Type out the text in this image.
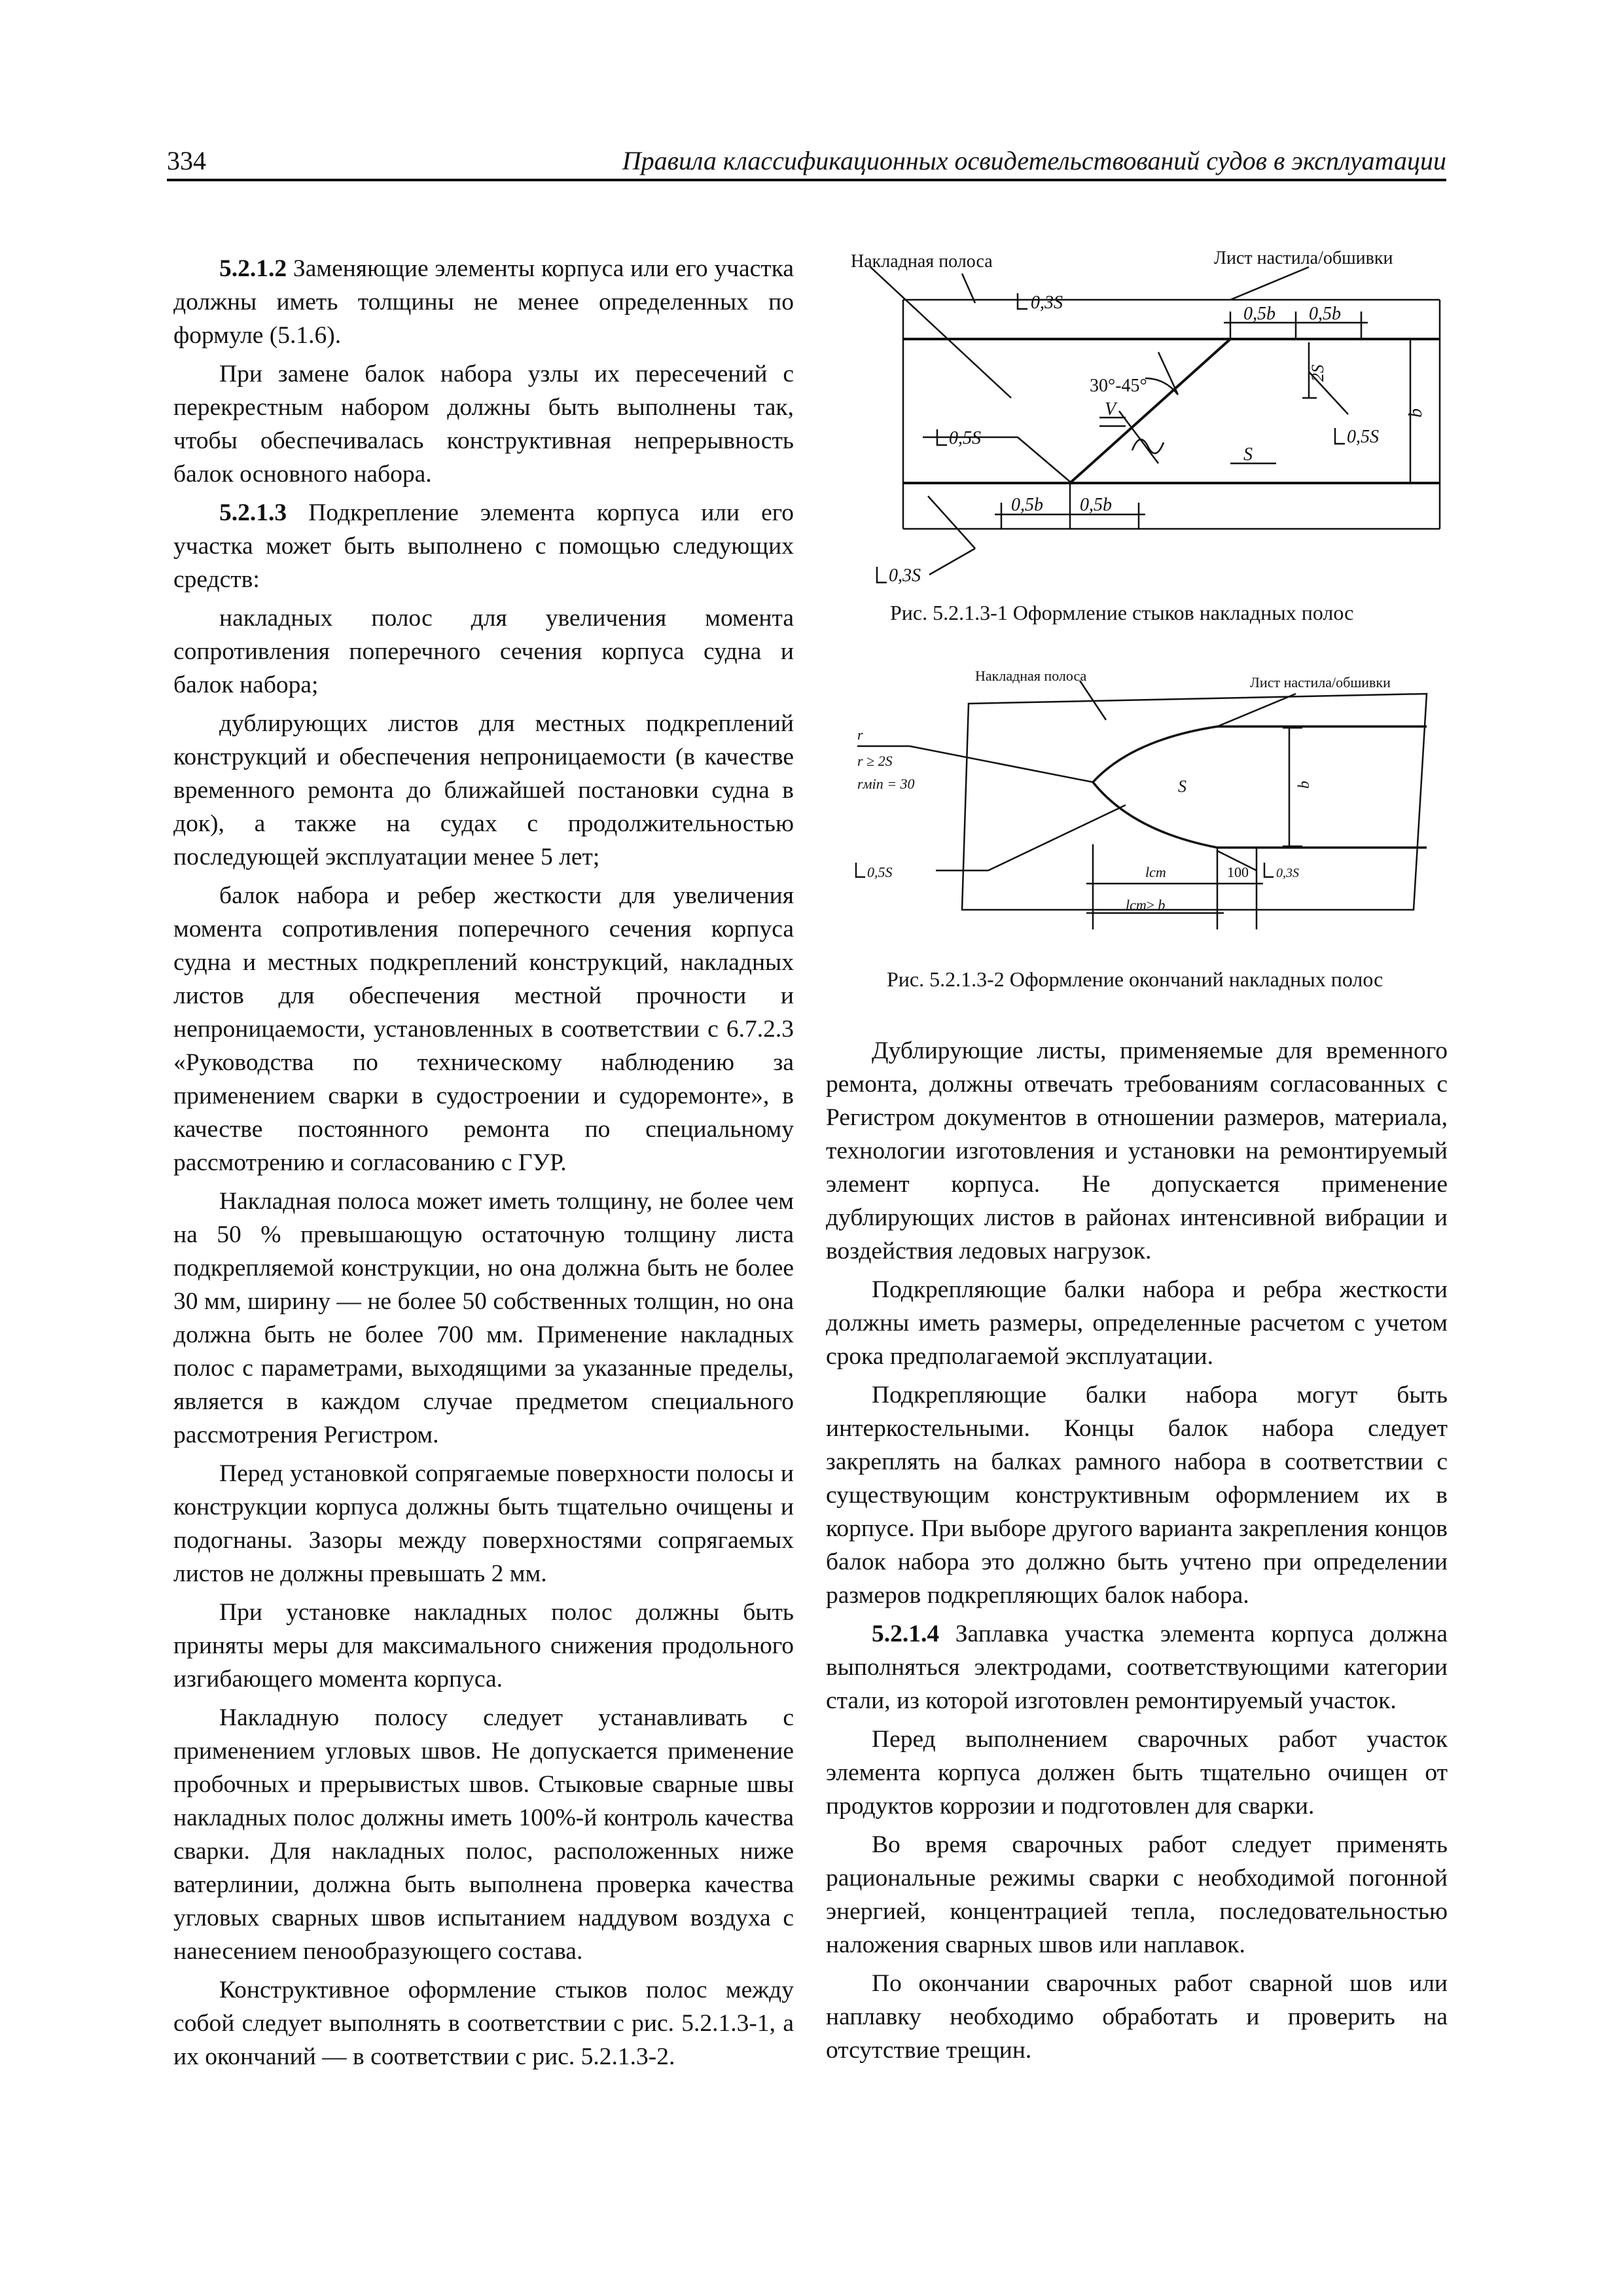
334	Правила классификационных освидетельствований судов в эксплуатации

5.2.1.2 Заменяющие элементы корпуса или его участка должны иметь толщины не менее определенных по формуле (5.1.6).

При замене балок набора узлы их пересечений с перекрестным набором должны быть выполнены так, чтобы обеспечивалась конструктивная непрерывность балок основного набора.

5.2.1.3 Подкрепление элемента корпуса или его участка может быть выполнено с помощью следующих средств:

накладных полос для увеличения момента сопротивления поперечного сечения корпуса судна и балок набора;

дублирующих листов для местных подкреплений конструкций и обеспечения непроницаемости (в качестве временного ремонта до ближайшей постановки судна в док), а также на судах с продолжительностью последующей эксплуатации менее 5 лет;

балок набора и ребер жесткости для увеличения момента сопротивления поперечного сечения корпуса судна и местных подкреплений конструкций, накладных листов для обеспечения местной прочности и непроницаемости, установленных в соответствии с 6.7.2.3 «Руководства по техническому наблюдению за применением сварки в судостроении и судоремонте», в качестве постоянного ремонта по специальному рассмотрению и согласованию с ГУР.

Накладная полоса может иметь толщину, не более чем на 50 % превышающую остаточную толщину листа подкрепляемой конструкции, но она должна быть не более 30 мм, ширину — не более 50 собственных толщин, но она должна быть не более 700 мм. Применение накладных полос с параметрами, выходящими за указанные пределы, является в каждом случае предметом специального рассмотрения Регистром.

Перед установкой сопрягаемые поверхности полосы и конструкции корпуса должны быть тщательно очищены и подогнаны. Зазоры между поверхностями сопрягаемых листов не должны превышать 2 мм.

При установке накладных полос должны быть приняты меры для максимального снижения продольного изгибающего момента корпуса.

Накладную полосу следует устанавливать с применением угловых швов. Не допускается применение пробочных и прерывистых швов. Стыковые сварные швы накладных полос должны иметь 100%-й контроль качества сварки. Для накладных полос, расположенных ниже ватерлинии, должна быть выполнена проверка качества угловых сварных швов испытанием наддувом воздуха с нанесением пенообразующего состава.

Конструктивное оформление стыков полос между собой следует выполнять в соответствии с рис. 5.2.1.3-1, а их окончаний — в соответствии с рис. 5.2.1.3-2.

Накладная полоса	Лист настила/обшивки
0,3S
0,5b 0,5b
30°-45°
V
0,5S
S
2S
0,5S
b
0,5b 0,5b
0,3S
Рис. 5.2.1.3-1 Оформление стыков накладных полос
Накладная полоса	Лист настила/обшивки
r
r ≥ 2S
rмin = 30	S	b
0,5S	lст	100 0,3S
lст≥ b
Рис. 5.2.1.3-2 Оформление окончаний накладных полос

Дублирующие листы, применяемые для временного ремонта, должны отвечать требованиям согласованных с Регистром документов в отношении размеров, материала, технологии изготовления и установки на ремонтируемый элемент корпуса. Не допускается применение дублирующих листов в районах интенсивной вибрации и воздействия ледовых нагрузок.

Подкрепляющие балки набора и ребра жесткости должны иметь размеры, определенные расчетом с учетом срока предполагаемой эксплуатации.

Подкрепляющие балки набора могут быть интеркостельными. Концы балок набора следует закреплять на балках рамного набора в соответствии с существующим конструктивным оформлением их в корпусе. При выборе другого варианта закрепления концов балок набора это должно быть учтено при определении размеров подкрепляющих балок набора.

5.2.1.4 Заплавка участка элемента корпуса должна выполняться электродами, соответствующими категории стали, из которой изготовлен ремонтируемый участок.

Перед выполнением сварочных работ участок элемента корпуса должен быть тщательно очищен от продуктов коррозии и подготовлен для сварки.

Во время сварочных работ следует применять рациональные режимы сварки с необходимой погонной энергией, концентрацией тепла, последовательностью наложения сварных швов или наплавок.

По окончании сварочных работ сварной шов или наплавку необходимо обработать и проверить на отсутствие трещин.
